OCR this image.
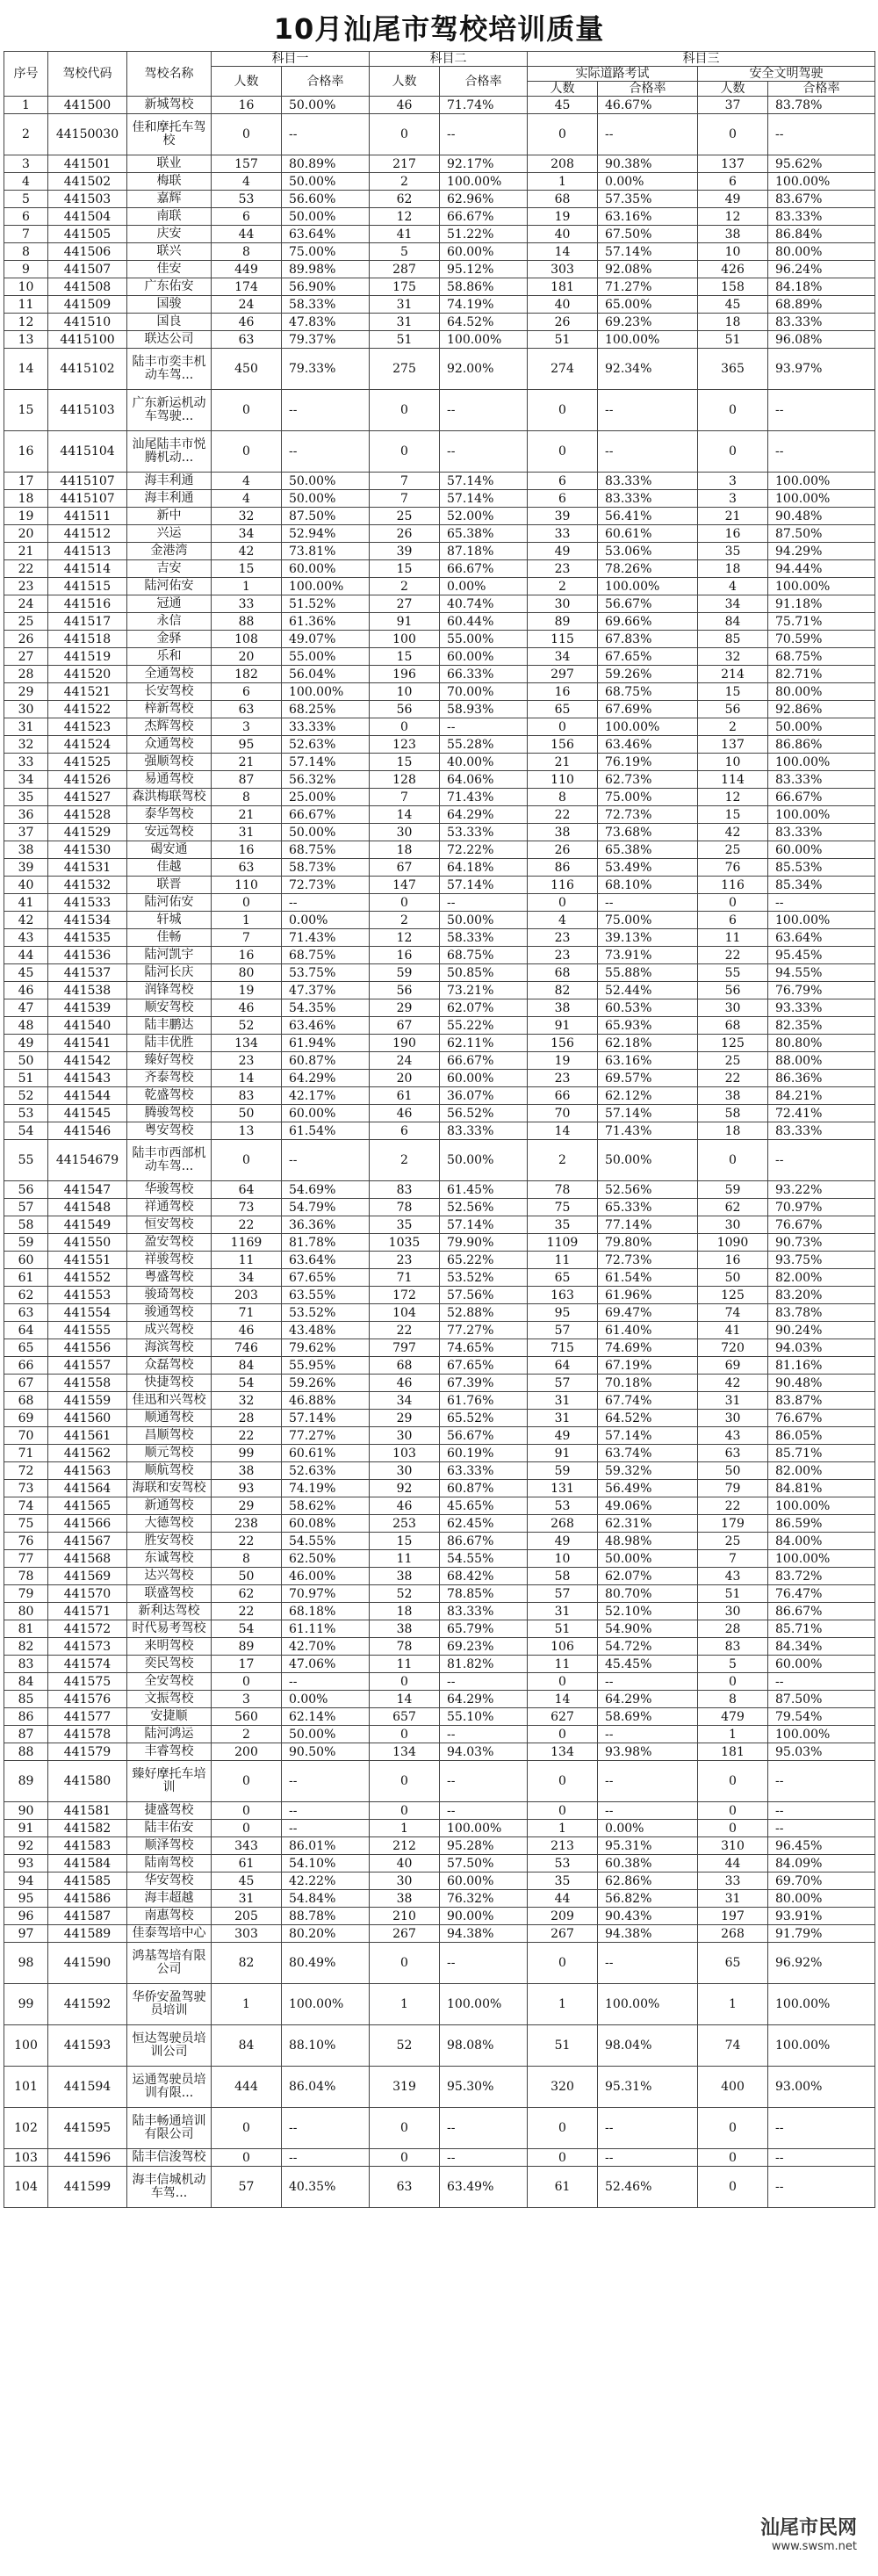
10月汕尾市驾校培训质量
序号	驾校代码	驾校名称	科目一		科目二		科目三			
			人数	合格率	人数	合格率	实际道路考试		安全文明驾驶	
							人数	合格率	人数	合格率
1	441500	新城驾校	16	50.00%	46	71.74%	45	46.67%	37	83.78%
2	44150030	佳和摩托车驾校	0	--	0	--	0	--	0	--
3	441501	联业	157	80.89%	217	92.17%	208	90.38%	137	95.62%
4	441502	梅联	4	50.00%	2	100.00%	1	0.00%	6	100.00%
5	441503	嘉辉	53	56.60%	62	62.96%	68	57.35%	49	83.67%
6	441504	南联	6	50.00%	12	66.67%	19	63.16%	12	83.33%
7	441505	庆安	44	63.64%	41	51.22%	40	67.50%	38	86.84%
8	441506	联兴	8	75.00%	5	60.00%	14	57.14%	10	80.00%
9	441507	佳安	449	89.98%	287	95.12%	303	92.08%	426	96.24%
10	441508	广东佑安	174	56.90%	175	58.86%	181	71.27%	158	84.18%
11	441509	国骏	24	58.33%	31	74.19%	40	65.00%	45	68.89%
12	441510	国良	46	47.83%	31	64.52%	26	69.23%	18	83.33%
13	4415100	联达公司	63	79.37%	51	100.00%	51	100.00%	51	96.08%
14	4415102	陆丰市奕丰机动车驾...	450	79.33%	275	92.00%	274	92.34%	365	93.97%
15	4415103	广东新运机动车驾驶...	0	--	0	--	0	--	0	--
16	4415104	汕尾陆丰市悦腾机动...	0	--	0	--	0	--	0	--
17	4415107	海丰利通	4	50.00%	7	57.14%	6	83.33%	3	100.00%
18	4415107	海丰利通	4	50.00%	7	57.14%	6	83.33%	3	100.00%
19	441511	新中	32	87.50%	25	52.00%	39	56.41%	21	90.48%
20	441512	兴运	34	52.94%	26	65.38%	33	60.61%	16	87.50%
21	441513	金港湾	42	73.81%	39	87.18%	49	53.06%	35	94.29%
22	441514	吉安	15	60.00%	15	66.67%	23	78.26%	18	94.44%
23	441515	陆河佑安	1	100.00%	2	0.00%	2	100.00%	4	100.00%
24	441516	冠通	33	51.52%	27	40.74%	30	56.67%	34	91.18%
25	441517	永信	88	61.36%	91	60.44%	89	69.66%	84	75.71%
26	441518	金驿	108	49.07%	100	55.00%	115	67.83%	85	70.59%
27	441519	乐和	20	55.00%	15	60.00%	34	67.65%	32	68.75%
28	441520	全通驾校	182	56.04%	196	66.33%	297	59.26%	214	82.71%
29	441521	长安驾校	6	100.00%	10	70.00%	16	68.75%	15	80.00%
30	441522	梓新驾校	63	68.25%	56	58.93%	65	67.69%	56	92.86%
31	441523	杰辉驾校	3	33.33%	0	--	0	100.00%	2	50.00%
32	441524	众通驾校	95	52.63%	123	55.28%	156	63.46%	137	86.86%
33	441525	强顺驾校	21	57.14%	15	40.00%	21	76.19%	10	100.00%
34	441526	易通驾校	87	56.32%	128	64.06%	110	62.73%	114	83.33%
35	441527	森洪梅联驾校	8	25.00%	7	71.43%	8	75.00%	12	66.67%
36	441528	泰华驾校	21	66.67%	14	64.29%	22	72.73%	15	100.00%
37	441529	安远驾校	31	50.00%	30	53.33%	38	73.68%	42	83.33%
38	441530	碣安通	16	68.75%	18	72.22%	26	65.38%	25	60.00%
39	441531	佳越	63	58.73%	67	64.18%	86	53.49%	76	85.53%
40	441532	联晋	110	72.73%	147	57.14%	116	68.10%	116	85.34%
41	441533	陆河佑安	0	--	0	--	0	--	0	--
42	441534	轩城	1	0.00%	2	50.00%	4	75.00%	6	100.00%
43	441535	佳畅	7	71.43%	12	58.33%	23	39.13%	11	63.64%
44	441536	陆河凯宇	16	68.75%	16	68.75%	23	73.91%	22	95.45%
45	441537	陆河长庆	80	53.75%	59	50.85%	68	55.88%	55	94.55%
46	441538	润锋驾校	19	47.37%	56	73.21%	82	52.44%	56	76.79%
47	441539	顺安驾校	46	54.35%	29	62.07%	38	60.53%	30	93.33%
48	441540	陆丰鹏达	52	63.46%	67	55.22%	91	65.93%	68	82.35%
49	441541	陆丰优胜	134	61.94%	190	62.11%	156	62.18%	125	80.80%
50	441542	臻好驾校	23	60.87%	24	66.67%	19	63.16%	25	88.00%
51	441543	齐泰驾校	14	64.29%	20	60.00%	23	69.57%	22	86.36%
52	441544	乾盛驾校	83	42.17%	61	36.07%	66	62.12%	38	84.21%
53	441545	腾骏驾校	50	60.00%	46	56.52%	70	57.14%	58	72.41%
54	441546	粤安驾校	13	61.54%	6	83.33%	14	71.43%	18	83.33%
55	44154679	陆丰市西部机动车驾...	0	--	2	50.00%	2	50.00%	0	--
56	441547	华骏驾校	64	54.69%	83	61.45%	78	52.56%	59	93.22%
57	441548	祥通驾校	73	54.79%	78	52.56%	75	65.33%	62	70.97%
58	441549	恒安驾校	22	36.36%	35	57.14%	35	77.14%	30	76.67%
59	441550	盈安驾校	1169	81.78%	1035	79.90%	1109	79.80%	1090	90.73%
60	441551	祥骏驾校	11	63.64%	23	65.22%	11	72.73%	16	93.75%
61	441552	粤盛驾校	34	67.65%	71	53.52%	65	61.54%	50	82.00%
62	441553	骏琦驾校	203	63.55%	172	57.56%	163	61.96%	125	83.20%
63	441554	骏通驾校	71	53.52%	104	52.88%	95	69.47%	74	83.78%
64	441555	成兴驾校	46	43.48%	22	77.27%	57	61.40%	41	90.24%
65	441556	海滨驾校	746	79.62%	797	74.65%	715	74.69%	720	94.03%
66	441557	众磊驾校	84	55.95%	68	67.65%	64	67.19%	69	81.16%
67	441558	快捷驾校	54	59.26%	46	67.39%	57	70.18%	42	90.48%
68	441559	佳迅和兴驾校	32	46.88%	34	61.76%	31	67.74%	31	83.87%
69	441560	顺通驾校	28	57.14%	29	65.52%	31	64.52%	30	76.67%
70	441561	昌顺驾校	22	77.27%	30	56.67%	49	57.14%	43	86.05%
71	441562	顺元驾校	99	60.61%	103	60.19%	91	63.74%	63	85.71%
72	441563	顺航驾校	38	52.63%	30	63.33%	59	59.32%	50	82.00%
73	441564	海联和安驾校	93	74.19%	92	60.87%	131	56.49%	79	84.81%
74	441565	新通驾校	29	58.62%	46	45.65%	53	49.06%	22	100.00%
75	441566	大德驾校	238	60.08%	253	62.45%	268	62.31%	179	86.59%
76	441567	胜安驾校	22	54.55%	15	86.67%	49	48.98%	25	84.00%
77	441568	东诚驾校	8	62.50%	11	54.55%	10	50.00%	7	100.00%
78	441569	达兴驾校	50	46.00%	38	68.42%	58	62.07%	43	83.72%
79	441570	联盛驾校	62	70.97%	52	78.85%	57	80.70%	51	76.47%
80	441571	新利达驾校	22	68.18%	18	83.33%	31	52.10%	30	86.67%
81	441572	时代易考驾校	54	61.11%	38	65.79%	51	54.90%	28	85.71%
82	441573	来明驾校	89	42.70%	78	69.23%	106	54.72%	83	84.34%
83	441574	奕民驾校	17	47.06%	11	81.82%	11	45.45%	5	60.00%
84	441575	全安驾校	0	--	0	--	0	--	0	--
85	441576	文振驾校	3	0.00%	14	64.29%	14	64.29%	8	87.50%
86	441577	安捷顺	560	62.14%	657	55.10%	627	58.69%	479	79.54%
87	441578	陆河鸿运	2	50.00%	0	--	0	--	1	100.00%
88	441579	丰睿驾校	200	90.50%	134	94.03%	134	93.98%	181	95.03%
89	441580	臻好摩托车培训	0	--	0	--	0	--	0	--
90	441581	捷盛驾校	0	--	0	--	0	--	0	--
91	441582	陆丰佑安	0	--	1	100.00%	1	0.00%	0	--
92	441583	顺泽驾校	343	86.01%	212	95.28%	213	95.31%	310	96.45%
93	441584	陆南驾校	61	54.10%	40	57.50%	53	60.38%	44	84.09%
94	441585	华安驾校	45	42.22%	30	60.00%	35	62.86%	33	69.70%
95	441586	海丰超越	31	54.84%	38	76.32%	44	56.82%	31	80.00%
96	441587	南惠驾校	205	88.78%	210	90.00%	209	90.43%	197	93.91%
97	441589	佳泰驾培中心	303	80.20%	267	94.38%	267	94.38%	268	91.79%
98	441590	鸿基驾培有限公司	82	80.49%	0	--	0	--	65	96.92%
99	441592	华侨安盈驾驶员培训	1	100.00%	1	100.00%	1	100.00%	1	100.00%
100	441593	恒达驾驶员培训公司	84	88.10%	52	98.08%	51	98.04%	74	100.00%
101	441594	运通驾驶员培训有限...	444	86.04%	319	95.30%	320	95.31%	400	93.00%
102	441595	陆丰畅通培训有限公司	0	--	0	--	0	--	0	--
103	441596	陆丰信浚驾校	0	--	0	--	0	--	0	--
104	441599	海丰信城机动车驾...	57	40.35%	63	63.49%	61	52.46%	0	--
汕尾市民网
www.swsm.net
